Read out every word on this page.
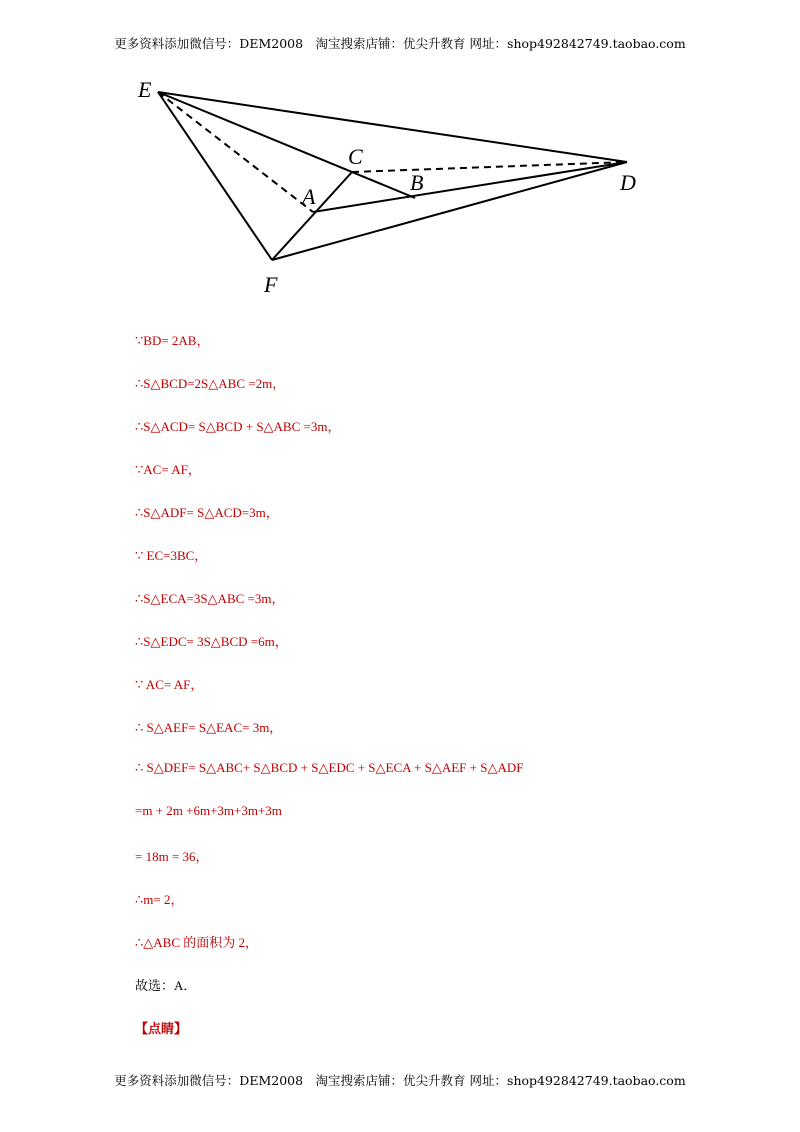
更多资料添加微信号：DEM2008　淘宝搜索店铺：优尖升教育 网址：shop492842749.taobao.com
E
C
A
B	D
F
∵BD= 2AB，
∴S△BCD=2S△ABC =2m，
∴S△ACD= S△BCD + S△ABC =3m，
∵AC= AF，
∴S△ADF= S△ACD=3m，
∵ EC=3BC，
∴S△ECA=3S△ABC =3m，
∴S△EDC= 3S△BCD =6m，
∵ AC= AF，
∴ S△AEF= S△EAC= 3m，
∴ S△DEF= S△ABC+ S△BCD + S△EDC + S△ECA + S△AEF + S△ADF
=m + 2m +6m+3m+3m+3m
= 18m = 36，
∴m= 2，
∴△ABC 的面积为 2，
故选：A．
【点睛】
更多资料添加微信号：DEM2008　淘宝搜索店铺：优尖升教育 网址：shop492842749.taobao.com
